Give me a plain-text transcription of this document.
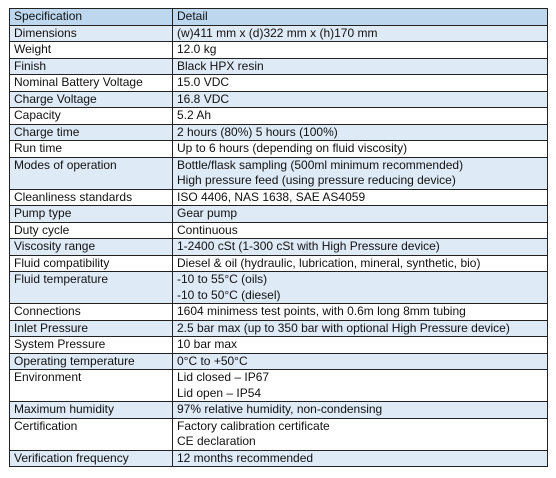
Specification	Detail
Dimensions	(w)411 mm x (d)322 mm x (h)170 mm

Weight	12.0 kg

Finish	Black HPX resin

Nominal Battery Voltage	15.0 VDC

Charge Voltage	16.8 VDC

Capacity	5.2 Ah

Charge time	2 hours (80%) 5 hours (100%)

Run time	Up to 6 hours (depending on fluid viscosity)

Modes of operation	Bottle/flask sampling (500ml minimum recommended)
High pressure feed (using pressure reducing device)

Cleanliness standards	ISO 4406, NAS 1638, SAE AS4059

Pump type	Gear pump

Duty cycle	Continuous

Viscosity range	1-2400 cSt (1-300 cSt with High Pressure device)

Fluid compatibility	Diesel & oil (hydraulic, lubrication, mineral, synthetic, bio)

Fluid temperature	-10 to 55°C (oils)
-10 to 50°C (diesel)

Connections	1604 minimess test points, with 0.6m long 8mm tubing

Inlet Pressure	2.5 bar max (up to 350 bar with optional High Pressure device)

System Pressure	10 bar max

Operating temperature	0°C to +50°C

Environment	Lid closed – IP67
Lid open – IP54

Maximum humidity	97% relative humidity, non-condensing

Certification	Factory calibration certificate
CE declaration

Verification frequency	12 months recommended
